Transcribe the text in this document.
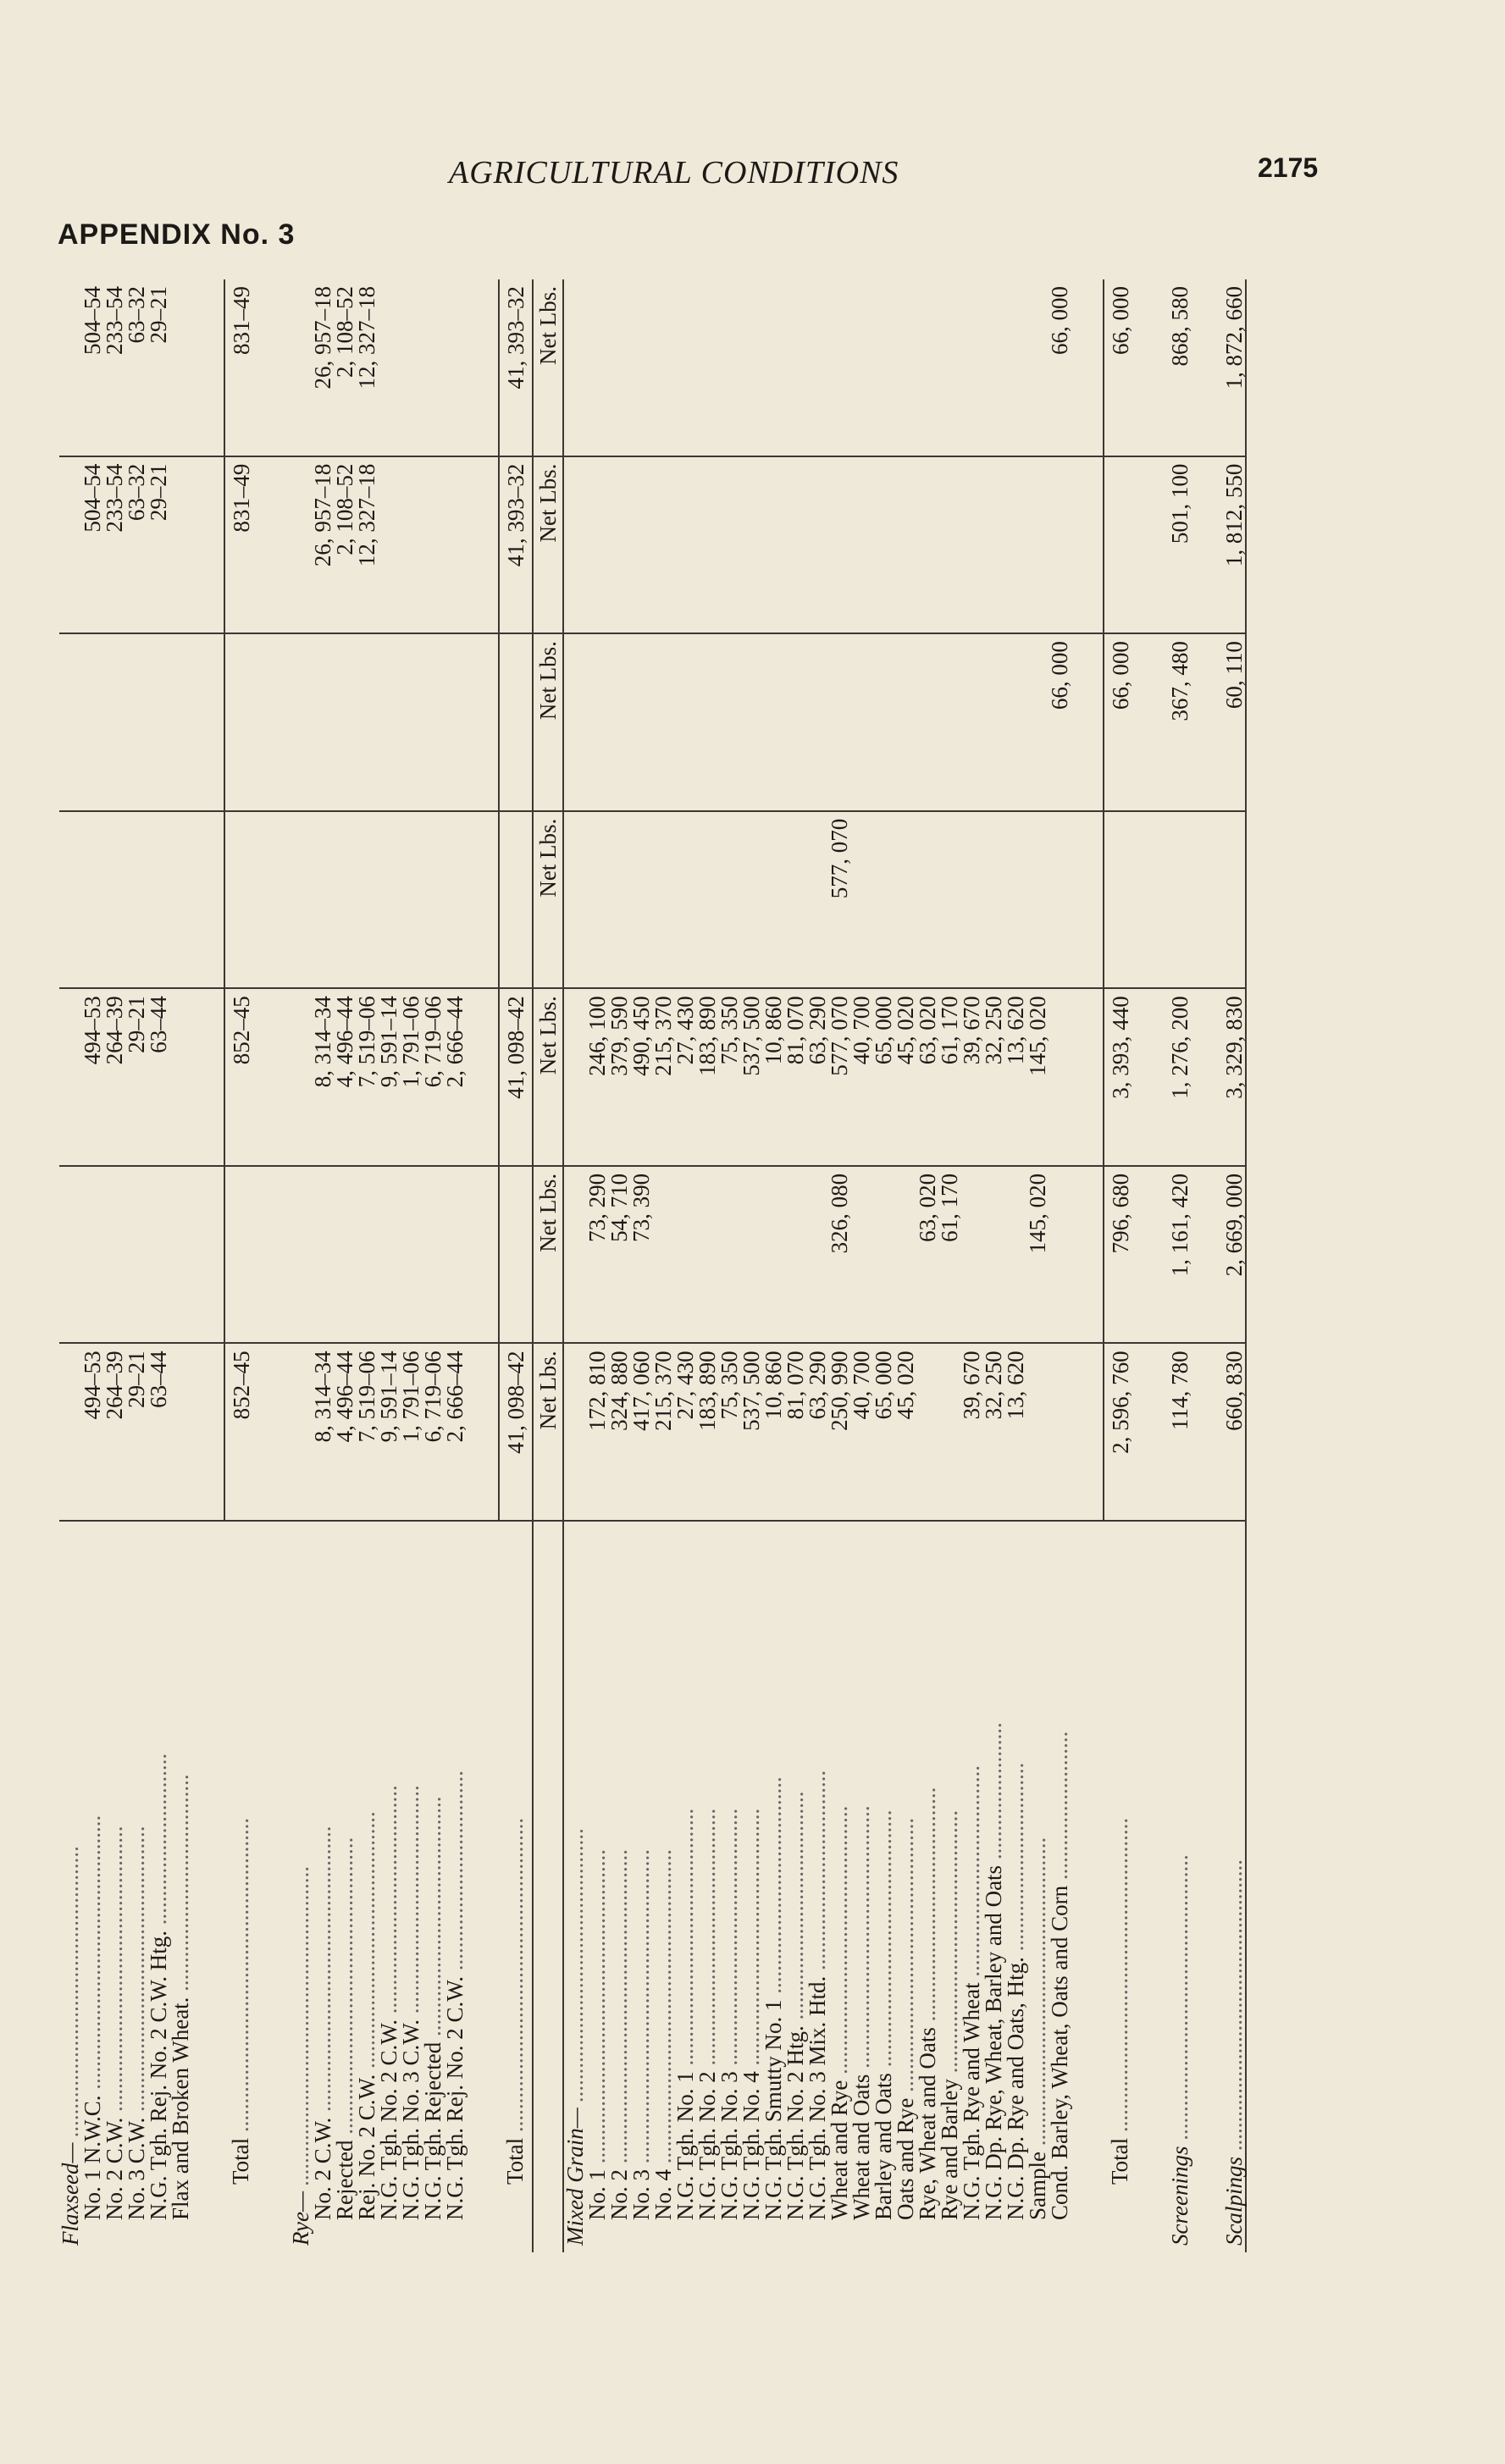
AGRICULTURAL CONDITIONS	2175
APPENDIX No. 3
Flaxseed— ...................................................							
No. 1 N.W.C. ................................................	494–53		494–53			504–54	504–54
No. 2 C.W. ..................................................	264–39		264–39			233–54	233–54
No. 3 C.W. ..................................................	29–21		29–21			63–32	63–32
N.G. Tgh. Rej. No. 2 C.W. Htg. ..............................	63–44		63–44			29–21	29–21
Flax and Broken Wheat. ......................................							

Total .......................................................	852–45		852–45			831–49	831–49

Rye— ........................................................							
No. 2 C.W. ..................................................	8, 314–34		8, 314–34			26, 957–18	26, 957–18
Rejected ....................................................	4, 496–44		4, 496–44			2, 108–52	2, 108–52
Rej. No. 2 C.W. .............................................	7, 519–06		7, 519–06			12, 327–18	12, 327–18
N.G. Tgh. No. 2 C.W. ........................................	9, 591–14		9, 591–14				
N.G. Tgh. No. 3 C.W. ........................................	1, 791–06		1, 791–06				
N.G. Tgh. Rejected ..........................................	6, 719–06		6, 719–06				
N.G. Tgh. Rej. No. 2 C.W. ...................................	2, 666–44		2, 666–44				

Total .......................................................	41, 098–42		41, 098–42			41, 393–32	41, 393–32
	Net Lbs.	Net Lbs.	Net Lbs.	Net Lbs.	Net Lbs.	Net Lbs.	Net Lbs.
Mixed Grain— ................................................							
No. 1 .......................................................	172, 810	73, 290	246, 100				
No. 2 .......................................................	324, 880	54, 710	379, 590				
No. 3 .......................................................	417, 060	73, 390	490, 450				
No. 4 .......................................................	215, 370		215, 370				
N.G. Tgh. No. 1 .............................................	27, 430		27, 430				
N.G. Tgh. No. 2 .............................................	183, 890		183, 890				
N.G. Tgh. No. 3 .............................................	75, 350		75, 350				
N.G. Tgh. No. 4 .............................................	537, 500		537, 500				
N.G. Tgh. Smutty No. 1 ......................................	10, 860		10, 860				
N.G. Tgh. No. 2 Htg. ........................................	81, 070		81, 070				
N.G. Tgh. No. 3 Mix. Htd. ...................................	63, 290		63, 290				
Wheat and Rye ...............................................	250, 990	326, 080	577, 070	577, 070			
Wheat and Oats ..............................................	40, 700		40, 700				
Barley and Oats .............................................	65, 000		65, 000				
Oats and Rye ................................................	45, 020		45, 020				
Rye, Wheat and Oats .........................................		63, 020	63, 020				
Rye and Barley ..............................................		61, 170	61, 170				
N.G. Tgh. Rye and Wheat .....................................	39, 670		39, 670				
N.G. Dp. Rye, Wheat, Barley and Oats ........................	32, 250		32, 250				
N.G. Dp. Rye and Oats, Htg. .................................	13, 620		13, 620				
Sample ......................................................		145, 020	145, 020				
Cond. Barley, Wheat, Oats and Corn ..........................					66, 000		66, 000

Total .......................................................	2, 596, 760	796, 680	3, 393, 440		66, 000		66, 000

Screenings ..................................................	114, 780	1, 161, 420	1, 276, 200		367, 480	501, 100	868, 580

Scalpings ...................................................	660, 830	2, 669, 000	3, 329, 830		60, 110	1, 812, 550	1, 872, 660
